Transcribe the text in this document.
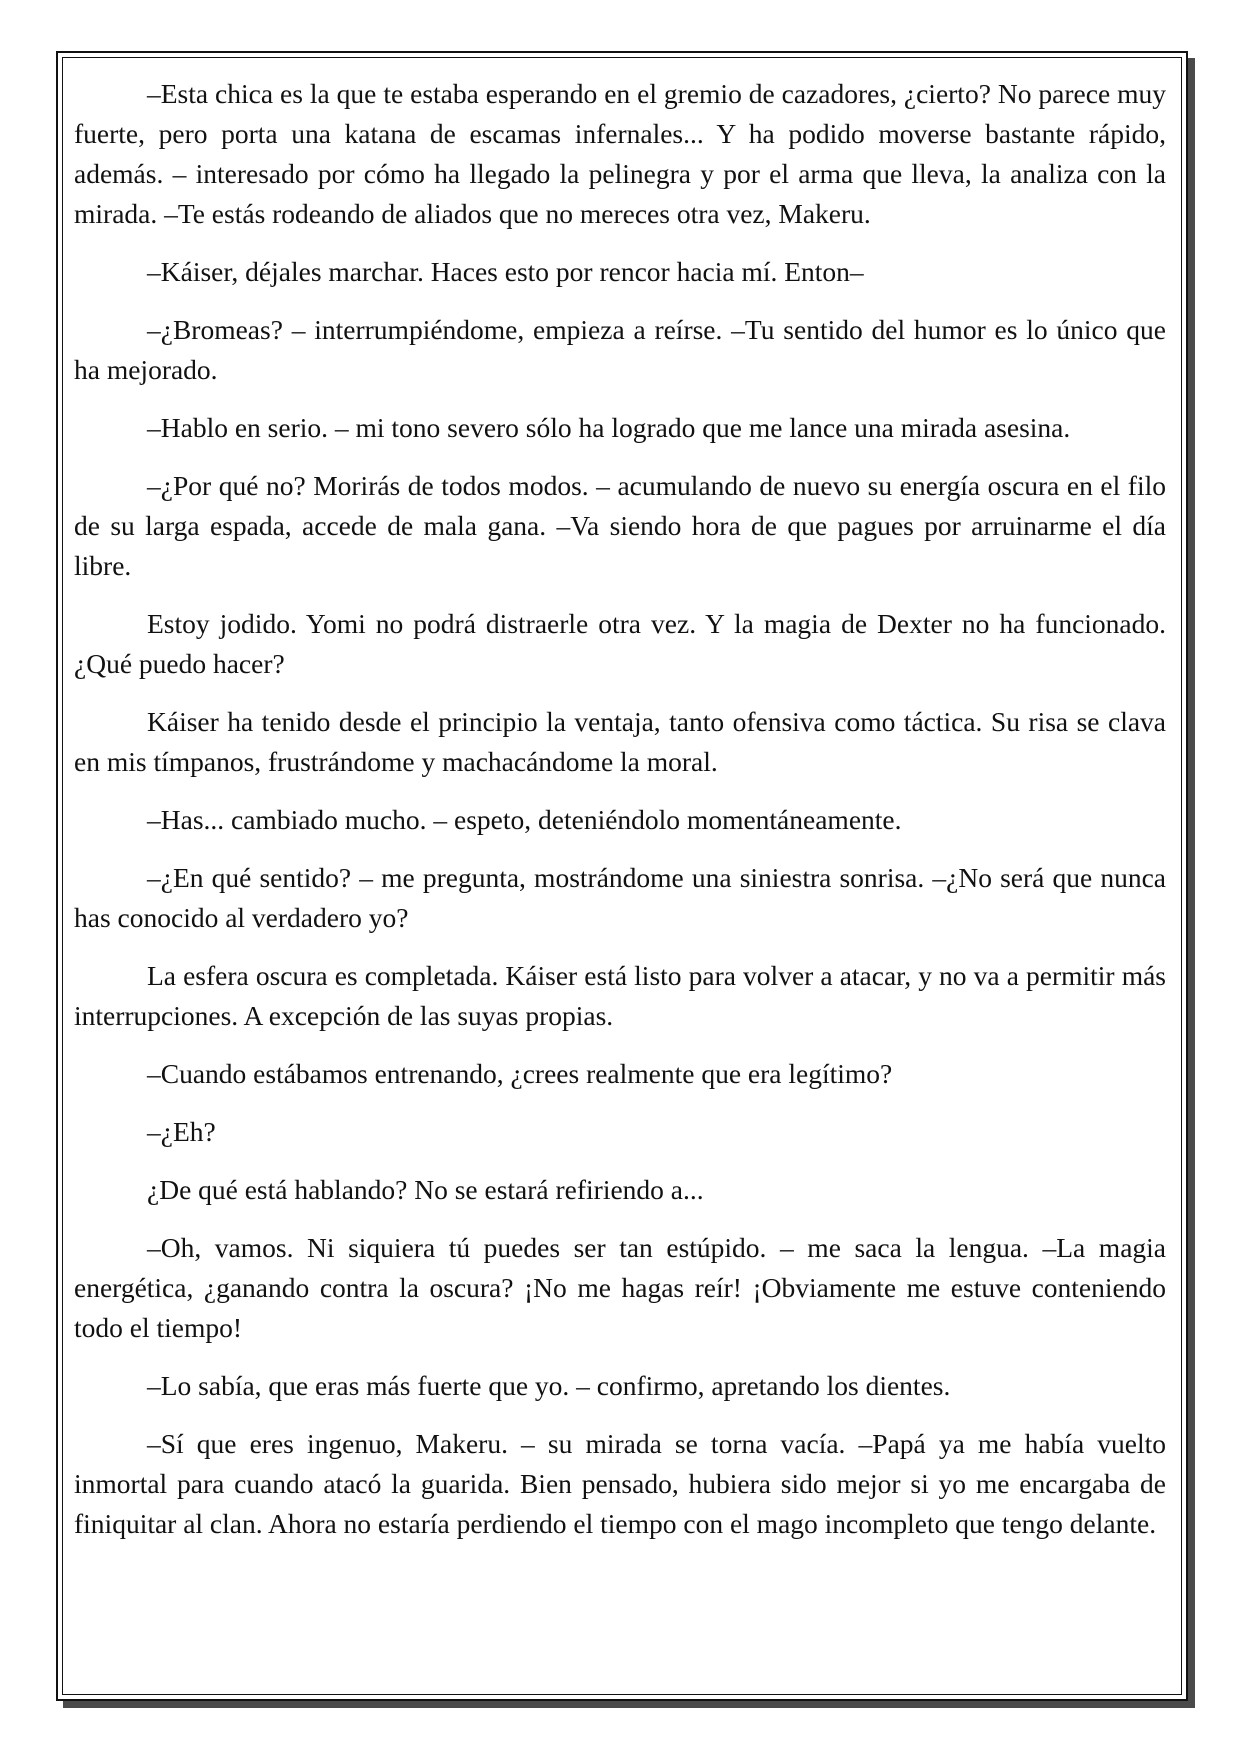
–Esta chica es la que te estaba esperando en el gremio de cazadores, ¿cierto? No parece muy fuerte, pero porta una katana de escamas infernales... Y ha podido moverse bastante rápido, además. – interesado por cómo ha llegado la pelinegra y por el arma que lleva, la analiza con la mirada. –Te estás rodeando de aliados que no mereces otra vez, Makeru.

–Káiser, déjales marchar. Haces esto por rencor hacia mí. Enton–

–¿Bromeas? – interrumpiéndome, empieza a reírse. –Tu sentido del humor es lo único que ha mejorado.

–Hablo en serio. – mi tono severo sólo ha logrado que me lance una mirada asesina.

–¿Por qué no? Morirás de todos modos. – acumulando de nuevo su energía oscura en el filo de su larga espada, accede de mala gana. –Va siendo hora de que pagues por arruinarme el día libre.

Estoy jodido. Yomi no podrá distraerle otra vez. Y la magia de Dexter no ha funcionado. ¿Qué puedo hacer?

Káiser ha tenido desde el principio la ventaja, tanto ofensiva como táctica. Su risa se clava en mis tímpanos, frustrándome y machacándome la moral.

–Has... cambiado mucho. – espeto, deteniéndolo momentáneamente.

–¿En qué sentido? – me pregunta, mostrándome una siniestra sonrisa. –¿No será que nunca has conocido al verdadero yo?

La esfera oscura es completada. Káiser está listo para volver a atacar, y no va a permitir más interrupciones. A excepción de las suyas propias.

–Cuando estábamos entrenando, ¿crees realmente que era legítimo?

–¿Eh?

¿De qué está hablando? No se estará refiriendo a...

–Oh, vamos. Ni siquiera tú puedes ser tan estúpido. – me saca la lengua. –La magia energética, ¿ganando contra la oscura? ¡No me hagas reír! ¡Obviamente me estuve conteniendo todo el tiempo!

–Lo sabía, que eras más fuerte que yo. – confirmo, apretando los dientes.

–Sí que eres ingenuo, Makeru. – su mirada se torna vacía. –Papá ya me había vuelto inmortal para cuando atacó la guarida. Bien pensado, hubiera sido mejor si yo me encargaba de finiquitar al clan. Ahora no estaría perdiendo el tiempo con el mago incompleto que tengo delante.
